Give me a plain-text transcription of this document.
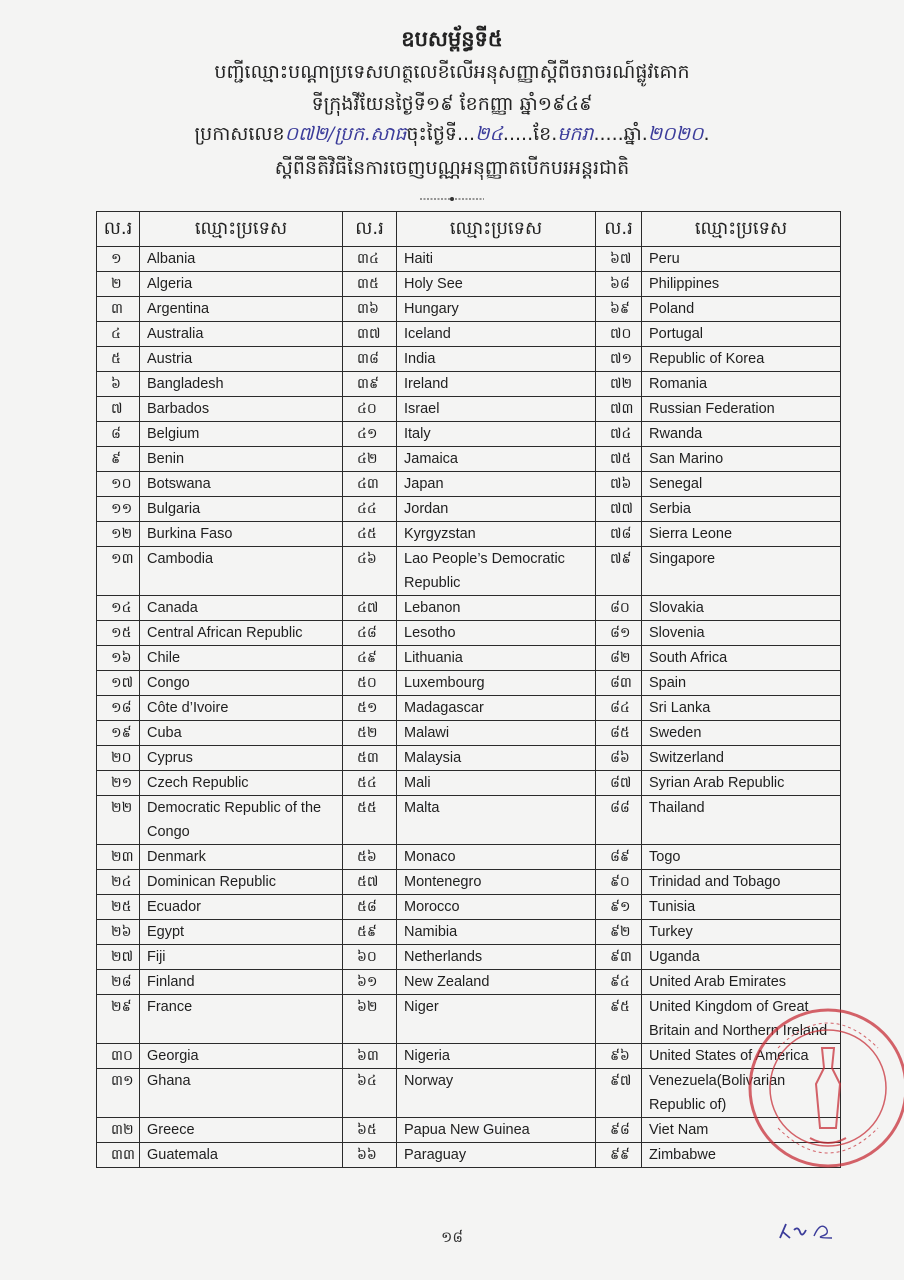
ឧបសម្ព័ន្ធទី៥
បញ្ជីឈ្មោះបណ្តាប្រទេសហត្ថលេខីលើអនុសញ្ញាស្តីពីចរាចរណ៍ផ្លូវគោក
ទីក្រុងវីយែនថ្ងៃទី១៩ ខែកញ្ញា ឆ្នាំ១៩៤៩
ប្រកាសលេខ០៧២/ប្រក.សាធចុះថ្ងៃទី...២៤.....ខែ.មករា.....ឆ្នាំ.២០២០.
ស្តីពីនីតិវិធីនៃការចេញបណ្ណអនុញ្ញាតបើកបរអន្តរជាតិ
ល.រ	ឈ្មោះប្រទេស	ល.រ	ឈ្មោះប្រទេស	ល.រ	ឈ្មោះប្រទេស
១	Albania	៣៤	Haiti	៦៧	Peru
២	Algeria	៣៥	Holy See	៦៨	Philippines
៣	Argentina	៣៦	Hungary	៦៩	Poland
៤	Australia	៣៧	Iceland	៧០	Portugal
៥	Austria	៣៨	India	៧១	Republic of Korea
៦	Bangladesh	៣៩	Ireland	៧២	Romania
៧	Barbados	៤០	Israel	៧៣	Russian Federation
៨	Belgium	៤១	Italy	៧៤	Rwanda
៩	Benin	៤២	Jamaica	៧៥	San Marino
១០	Botswana	៤៣	Japan	៧៦	Senegal
១១	Bulgaria	៤៤	Jordan	៧៧	Serbia
១២	Burkina Faso	៤៥	Kyrgyzstan	៧៨	Sierra Leone
១៣	Cambodia	៤៦	Lao People’s Democratic Republic	៧៩	Singapore
១៤	Canada	៤៧	Lebanon	៨០	Slovakia
១៥	Central African Republic	៤៨	Lesotho	៨១	Slovenia
១៦	Chile	៤៩	Lithuania	៨២	South Africa
១៧	Congo	៥០	Luxembourg	៨៣	Spain
១៨	Côte d’Ivoire	៥១	Madagascar	៨៤	Sri Lanka
១៩	Cuba	៥២	Malawi	៨៥	Sweden
២០	Cyprus	៥៣	Malaysia	៨៦	Switzerland
២១	Czech Republic	៥៤	Mali	៨៧	Syrian Arab Republic
២២	Democratic Republic of the Congo	៥៥	Malta	៨៨	Thailand
២៣	Denmark	៥៦	Monaco	៨៩	Togo
២៤	Dominican Republic	៥៧	Montenegro	៩០	Trinidad and Tobago
២៥	Ecuador	៥៨	Morocco	៩១	Tunisia
២៦	Egypt	៥៩	Namibia	៩២	Turkey
២៧	Fiji	៦០	Netherlands	៩៣	Uganda
២៨	Finland	៦១	New Zealand	៩៤	United Arab Emirates
២៩	France	៦២	Niger	៩៥	United Kingdom of Great Britain and Northern Ireland
៣០	Georgia	៦៣	Nigeria	៩៦	United States of America
៣១	Ghana	៦៤	Norway	៩៧	Venezuela(Bolivarian Republic of)
៣២	Greece	៦៥	Papua New Guinea	៩៨	Viet Nam
៣៣	Guatemala	៦៦	Paraguay	៩៩	Zimbabwe
១៨
